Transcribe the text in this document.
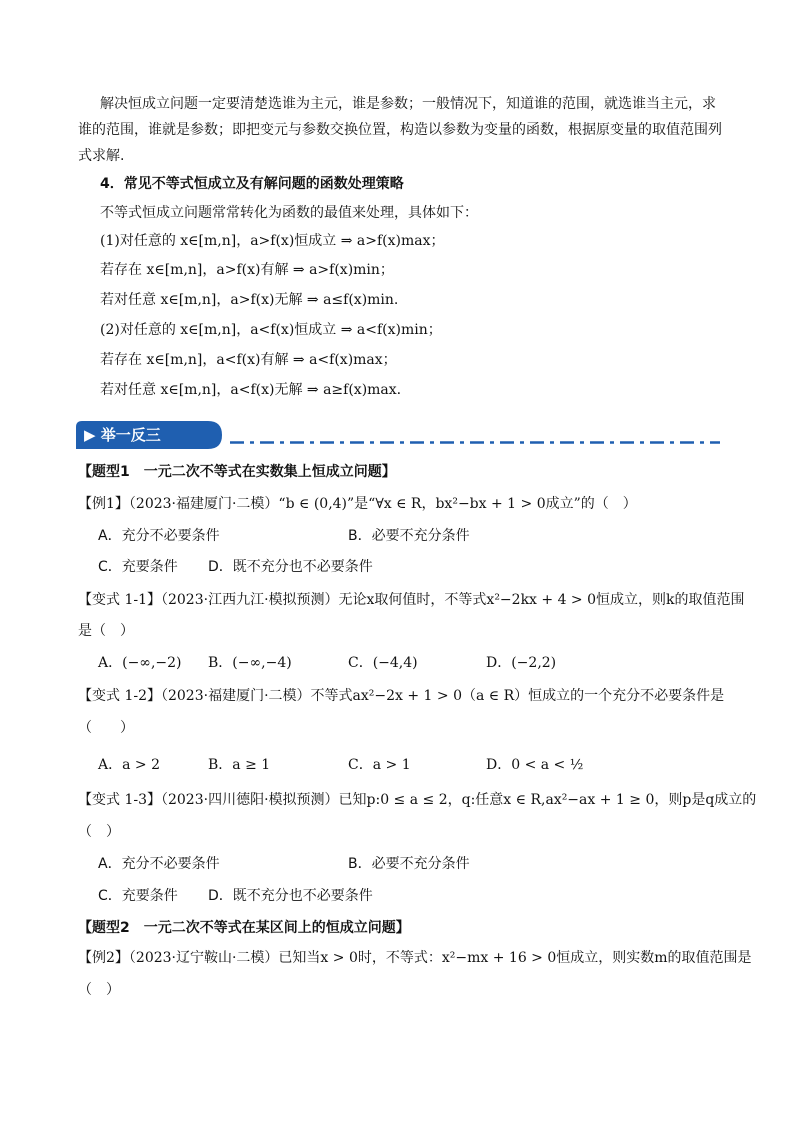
解决恒成立问题一定要清楚选谁为主元，谁是参数；一般情况下，知道谁的范围，就选谁当主元，求
谁的范围，谁就是参数；即把变元与参数交换位置，构造以参数为变量的函数，根据原变量的取值范围列
式求解.
4．常见不等式恒成立及有解问题的函数处理策略
不等式恒成立问题常常转化为函数的最值来处理，具体如下：
(1)对任意的 x∈[m,n]，a>f(x)恒成立 ⇒ a>f(x)max；
若存在 x∈[m,n]，a>f(x)有解 ⇒ a>f(x)min；
若对任意 x∈[m,n]，a>f(x)无解 ⇒ a≤f(x)min.
(2)对任意的 x∈[m,n]，a<f(x)恒成立 ⇒ a<f(x)min；
若存在 x∈[m,n]，a<f(x)有解 ⇒ a<f(x)max；
若对任意 x∈[m,n]，a<f(x)无解 ⇒ a≥f(x)max.
▶ 举一反三
【题型1　一元二次不等式在实数集上恒成立问题】
【例1】（2023·福建厦门·二模）“b ∈ (0,4)”是“∀x ∈ R，bx²−bx + 1 > 0成立”的（　）
A．充分不必要条件	B．必要不充分条件
C．充要条件 D．既不充分也不必要条件
【变式 1-1】（2023·江西九江·模拟预测）无论x取何值时，不等式x²−2kx + 4 > 0恒成立，则k的取值范围
是（　）
A．(−∞,−2) B．(−∞,−4)	C．(−4,4)	D．(−2,2)
【变式 1-2】（2023·福建厦门·二模）不等式ax²−2x + 1 > 0（a ∈ R）恒成立的一个充分不必要条件是
（　　）
A．a > 2	B．a ≥ 1	C．a > 1	D．0 < a < ½
【变式 1-3】（2023·四川德阳·模拟预测）已知p:0 ≤ a ≤ 2，q:任意x ∈ R,ax²−ax + 1 ≥ 0，则p是q成立的
（　）
A．充分不必要条件	B．必要不充分条件
C．充要条件 D．既不充分也不必要条件
【题型2　一元二次不等式在某区间上的恒成立问题】
【例2】（2023·辽宁鞍山·二模）已知当x > 0时，不等式：x²−mx + 16 > 0恒成立，则实数m的取值范围是
（　）
